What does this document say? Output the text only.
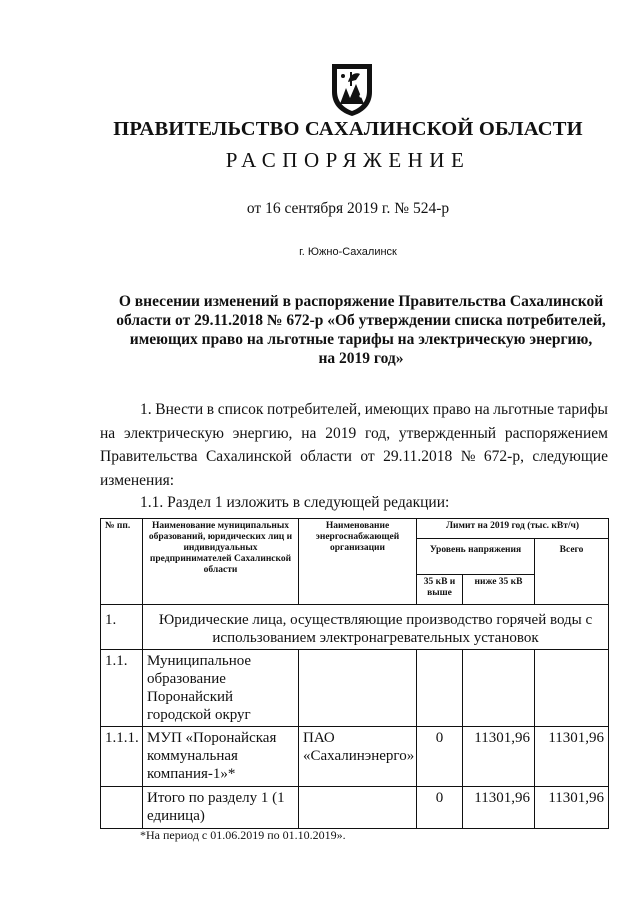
ПРАВИТЕЛЬСТВО САХАЛИНСКОЙ ОБЛАСТИ
РАСПОРЯЖЕНИЕ
от 16 сентября 2019 г. № 524-р
г. Южно-Сахалинск
О внесении изменений в распоряжение Правительства Сахалинской
области от 29.11.2018 № 672-р «Об утверждении списка потребителей,
имеющих право на льготные тарифы на электрическую энергию,
на 2019 год»
1. Внести в список потребителей, имеющих право на льготные тарифы
на электрическую энергию, на 2019 год, утвержденный распоряжением
Правительства Сахалинской области от 29.11.2018 № 672-р, следующие
изменения:
1.1. Раздел 1 изложить в следующей редакции:
№ пп.	Наименование муниципальных образований, юридических лиц и индивидуальных предпринимателей Сахалинской области	Наименование энергоснабжающей организации	Лимит на 2019 год (тыс. кВт/ч)		
			Уровень напряжения		Всего
			35 кВ и выше	ниже 35 кВ	
1.	Юридические лица, осуществляющие производство горячей воды с использованием электронагревательных установок				
1.1.	Муниципальное образование Поронайский городской округ				
1.1.1.	МУП «Поронайская коммунальная компания-1»*	ПАО «Сахалинэнерго»	0	11301,96	11301,96
	Итого по разделу 1 (1 единица)		0	11301,96	11301,96
*На период с 01.06.2019 по 01.10.2019».
